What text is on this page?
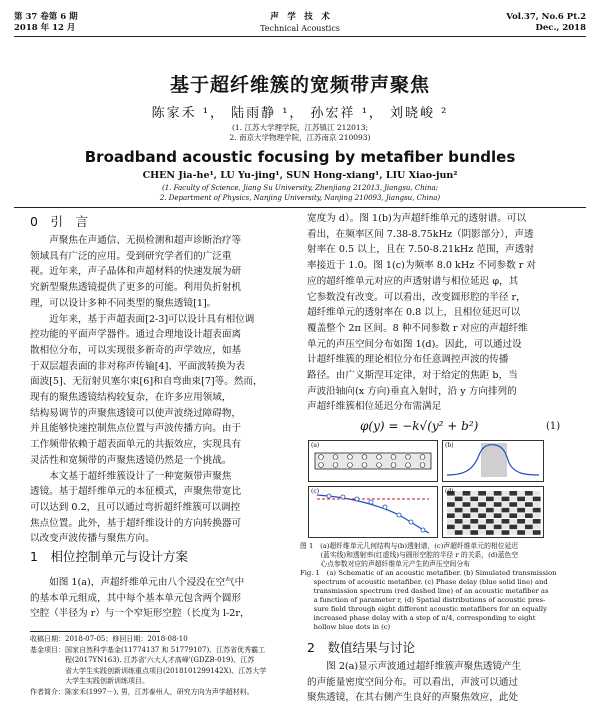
第 37 卷第 6 期
2018 年 12 月
声　学　技　术
Technical Acoustics
Vol.37, No.6 Pt.2
Dec., 2018
基于超纤维簇的宽频带声聚焦
陈家禾 ¹， 陆雨静 ¹， 孙宏祥 ¹， 刘晓峻 ²
(1. 江苏大学理学院，江苏镇江 212013;
2. 南京大学物理学院，江苏南京 210093)
Broadband acoustic focusing by metafiber bundles
CHEN Jia-he¹, LU Yu-jing¹, SUN Hong-xiang¹, LIU Xiao-jun²
(1. Faculty of Science, Jiang Su University, Zhenjiang 212013, Jiangsu, China;
2. Department of Physics, Nanjing University, Nanjing 210093, Jiangsu, China)
0　引　言
　　声聚焦在声通信、无损检测和超声诊断治疗等
领域具有广泛的应用。受到研究学者们的广泛重
视。近年来，声子晶体和声超材料的快速发展为研
究新型聚焦透镜提供了更多的可能。利用负折射机
理，可以设计多种不同类型的聚焦透镜[1]。
　　近年来，基于声超表面[2-3]可以设计具有相位调
控功能的平面声学器件。通过合理地设计超表面离
散相位分布，可以实现很多新奇的声学效应，如基
于双层超表面的非对称声传输[4]、平面波转换为表
面波[5]、无衍射贝塞尔束[6]和自弯曲束[7]等。然而，
现有的聚焦透镜结构较复杂，在许多应用领域，
结构易调节的声聚焦透镜可以使声波绕过障碍物，
并且能够快速控制焦点位置与声波传播方向。由于
工作频带依赖于超表面单元的共振效应，实现具有
灵活性和宽频带的声聚焦透镜仍然是一个挑战。
　　本文基于超纤维簇设计了一种宽频带声聚焦
透镜。基于超纤维单元的本征模式，声聚焦带宽比
可以达到 0.2，且可以通过弯折超纤维簇可以调控
焦点位置。此外，基于超纤维设计的方向转换器可
以改变声波传播与聚焦方向。
1　相位控制单元与设计方案
　　如图 1(a)，声超纤维单元由八个浸没在空气中
的基本单元组成，其中每个基本单元包含两个圆形
空腔（半径为 r）与一个窄矩形空腔（长度为 l-2r，
收稿日期：2018-07-05；修回日期：2018-08-10
基金项目：国家自然科学基金(11774137 和 51779107)、江苏省优秀霸工
　　　　　程(2017YN163). 江苏省'六大人才高峰'(GDZB-019)、江苏
　　　　　省大学生实践创新训练重点项目(2018101299142X)、江苏大学
　　　　　大学生实践创新训练项目。
作者简介：陈家禾(1997－), 男，江苏泰州人，研究方向为声学超材料。
宽度为 d）。图 1(b)为声超纤维单元的透射谱。可以
看出，在频率区间 7.38-8.75kHz（阴影部分），声透
射率在 0.5 以上，且在 7.50-8.21kHz 范围，声透射
率接近于 1.0。图 1(c)为频率 8.0 kHz 不同参数 r 对
应的超纤维单元对应的声透射谱与相位延迟 φ，其
它参数没有改变。可以看出，改变圆形腔的半径 r，
超纤维单元的透射率在 0.8 以上，且相位延迟可以
覆盖整个 2π 区间。8 种不同参数 r 对应的声超纤维
单元的声压空间分布如图 1(d)。因此，可以通过设
计超纤维簇的理论相位分布任意调控声波的传播
路径。由广义斯涅耳定律，对于给定的焦距 b，当
声波沿轴向(x 方向)垂直入射时，沿 y 方向排列的
声超纤维簇相位延迟分布需满足
φ(y) = −k√(y² + b²)	(1)
(a)	(b)
(c)	(d)
图 1　(a)超纤维单元几何结构与(b)透射谱，(c)声超纤维单元的相位延迟
　　　(蓝实线)和透射率(红虚线)与圆形空腔的半径 r 的关系，(d)蓝色空
　　　心点参数对应的声超纤维单元产生的声压空间分布
Fig. 1　(a) Schematic of an acoustic metafiber. (b) Simulated transmission
　　spectrum of acoustic metafiber. (c) Phase delay (blue solid line) and
　　transmission spectrum (red dashed line) of an acoustic metafiber as
　　a function of parameter r, (d) Spatial distributions of acoustic pres-
　　sure field through eight different acoustic metafibers for an equally
　　increased phase delay with a step of π/4, corresponding to eight
　　hollow blue dots in (c)
2　数值结果与讨论
　　图 2(a)显示声波通过超纤维簇声聚焦透镜产生
的声能量密度空间分布。可以看出，声波可以通过
聚焦透镜，在其右侧产生良好的声聚焦效应，此处
